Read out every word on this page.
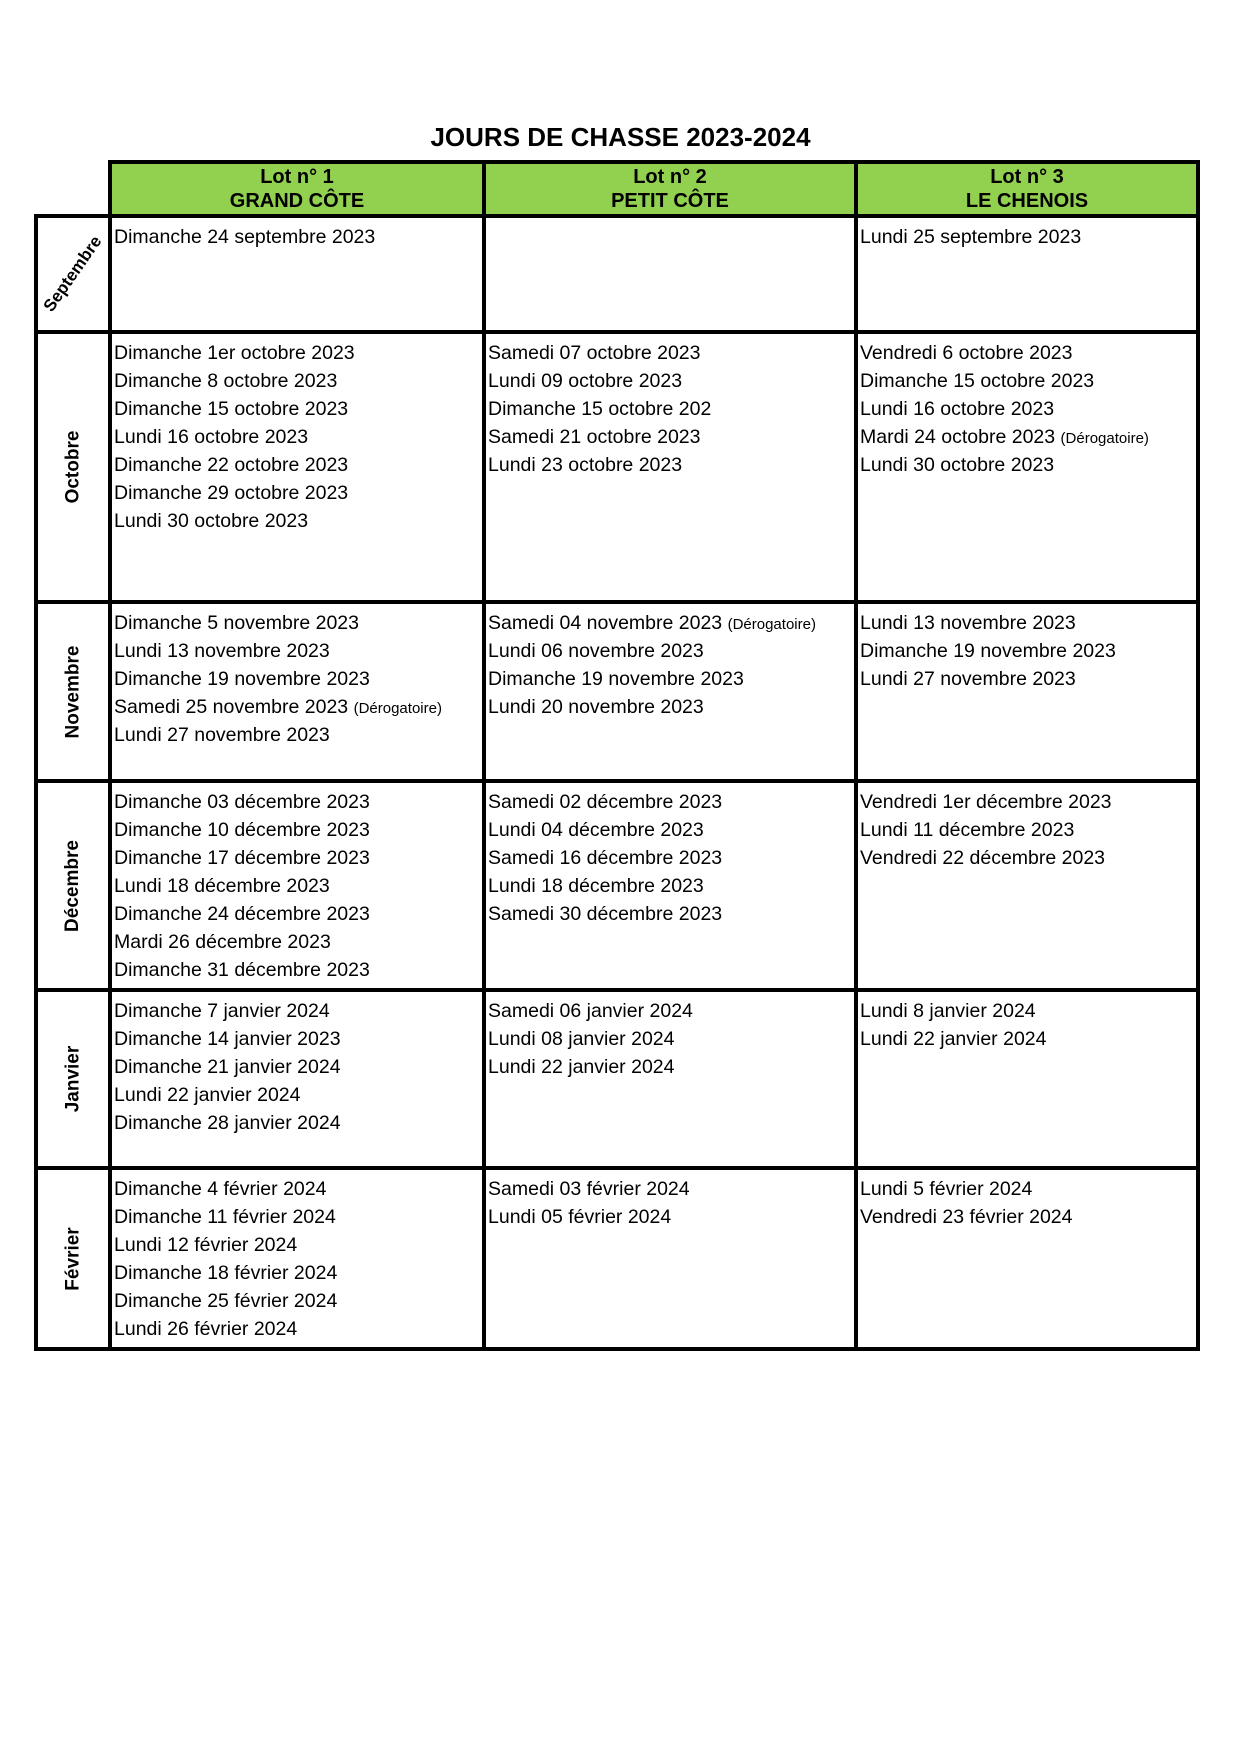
JOURS DE CHASSE 2023-2024
Lot n° 1
GRAND CÔTE
Lot n° 2
PETIT CÔTE
Lot n° 3
LE CHENOIS
Septembre Dimanche 24 septembre 2023	Lundi 25 septembre 2023
Octobre
Dimanche 1er octobre 2023
Dimanche 8 octobre 2023
Dimanche 15 octobre 2023
Lundi 16 octobre 2023
Dimanche 22 octobre 2023
Dimanche 29 octobre 2023
Lundi 30 octobre 2023
Samedi 07 octobre 2023
Lundi 09 octobre 2023
Dimanche 15 octobre 202
Samedi 21 octobre 2023
Lundi 23 octobre 2023
Vendredi 6 octobre 2023
Dimanche 15 octobre 2023
Lundi 16 octobre 2023
Mardi 24 octobre 2023 (Dérogatoire)
Lundi 30 octobre 2023
Novembre
Dimanche 5 novembre 2023
Lundi 13 novembre 2023
Dimanche 19 novembre 2023
Samedi 25 novembre 2023 (Dérogatoire)
Lundi 27 novembre 2023
Samedi 04 novembre 2023 (Dérogatoire)
Lundi 06 novembre 2023
Dimanche 19 novembre 2023
Lundi 20 novembre 2023
Lundi 13 novembre 2023
Dimanche 19 novembre 2023
Lundi 27 novembre 2023
Décembre
Dimanche 03 décembre 2023
Dimanche 10 décembre 2023
Dimanche 17 décembre 2023
Lundi 18 décembre 2023
Dimanche 24 décembre 2023
Mardi 26 décembre 2023
Dimanche 31 décembre 2023
Samedi 02 décembre 2023
Lundi 04 décembre 2023
Samedi 16 décembre 2023
Lundi 18 décembre 2023
Samedi 30 décembre 2023
Vendredi 1er décembre 2023
Lundi 11 décembre 2023
Vendredi 22 décembre 2023
Janvier
Dimanche 7 janvier 2024
Dimanche 14 janvier 2023
Dimanche 21 janvier 2024
Lundi 22 janvier 2024
Dimanche 28 janvier 2024
Samedi 06 janvier 2024
Lundi 08 janvier 2024
Lundi 22 janvier 2024
Lundi 8 janvier 2024
Lundi 22 janvier 2024
Février
Dimanche 4 février 2024
Dimanche 11 février 2024
Lundi 12 février 2024
Dimanche 18 février 2024
Dimanche 25 février 2024
Lundi 26 février 2024
Samedi 03 février 2024
Lundi 05 février 2024
Lundi 5 février 2024
Vendredi 23 février 2024
